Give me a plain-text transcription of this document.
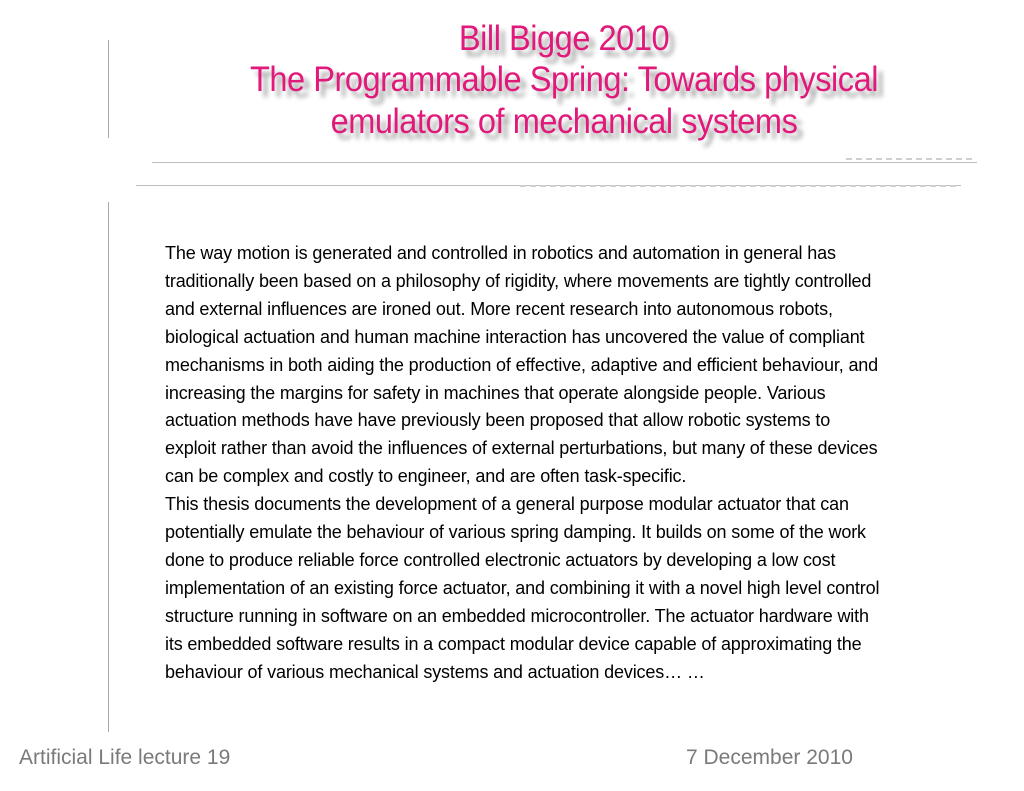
Bill Bigge 2010
The Programmable Spring: Towards physical
emulators of mechanical systems

The way motion is generated and controlled in robotics and automation in general has
traditionally been based on a philosophy of rigidity, where movements are tightly controlled
and external influences are ironed out. More recent research into autonomous robots,
biological actuation and human machine interaction has uncovered the value of compliant
mechanisms in both aiding the production of effective, adaptive and efficient behaviour, and
increasing the margins for safety in machines that operate alongside people. Various
actuation methods have have previously been proposed that allow robotic systems to
exploit rather than avoid the influences of external perturbations, but many of these devices
can be complex and costly to engineer, and are often task-specific.

This thesis documents the development of a general purpose modular actuator that can
potentially emulate the behaviour of various spring damping. It builds on some of the work
done to produce reliable force controlled electronic actuators by developing a low cost
implementation of an existing force actuator, and combining it with a novel high level control
structure running in software on an embedded microcontroller. The actuator hardware with
its embedded software results in a compact modular device capable of approximating the
behaviour of various mechanical systems and actuation devices… …

Artificial Life lecture 19	7 December 2010
